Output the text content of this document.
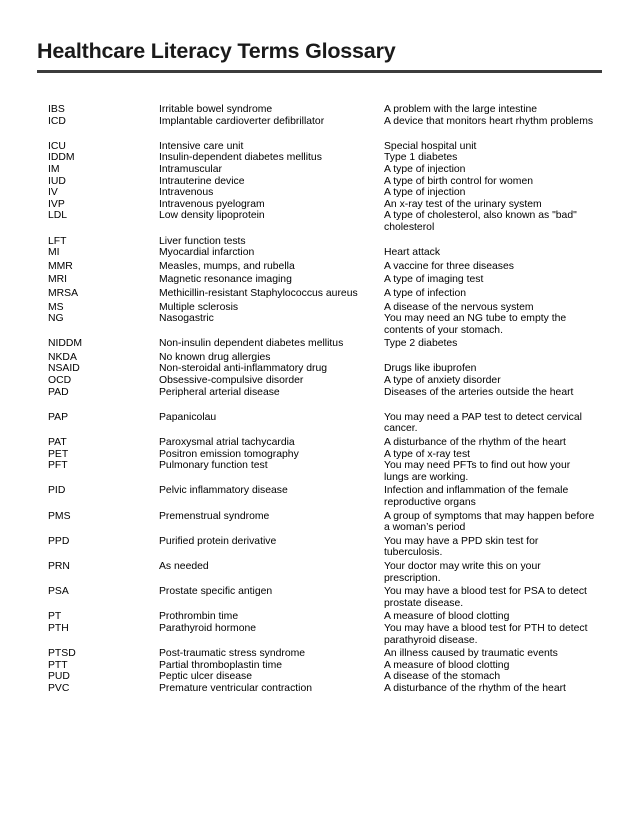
Healthcare Literacy Terms Glossary
IBS	Irritable bowel syndrome	A problem with the large intestine
ICD	Implantable cardioverter defibrillator	A device that monitors heart rhythm problems
ICU	Intensive care unit	Special hospital unit
IDDM	Insulin-dependent diabetes mellitus	Type 1 diabetes
IM	Intramuscular	A type of injection
IUD	Intrauterine device	A type of birth control for women
IV	Intravenous	A type of injection
IVP	Intravenous pyelogram	An x-ray test of the urinary system
LDL	Low density lipoprotein	A type of cholesterol, also known as "bad" cholesterol
LFT	Liver function tests
MI	Myocardial infarction	Heart attack
MMR	Measles, mumps, and rubella	A vaccine for three diseases
MRI	Magnetic resonance imaging	A type of imaging test
MRSA	Methicillin-resistant Staphylococcus aureus	A type of infection
MS	Multiple sclerosis	A disease of the nervous system
NG	Nasogastric	You may need an NG tube to empty the contents of your stomach.
NIDDM	Non-insulin dependent diabetes mellitus	Type 2 diabetes
NKDA	No known drug allergies
NSAID	Non-steroidal anti-inflammatory drug	Drugs like ibuprofen
OCD	Obsessive-compulsive disorder	A type of anxiety disorder
PAD	Peripheral arterial disease	Diseases of the arteries outside the heart
PAP	Papanicolau	You may need a PAP test to detect cervical cancer.
PAT	Paroxysmal atrial tachycardia	A disturbance of the rhythm of the heart
PET	Positron emission tomography	A type of x-ray test
PFT	Pulmonary function test	You may need PFTs to find out how your lungs are working.
PID	Pelvic inflammatory disease	Infection and inflammation of the female reproductive organs
PMS	Premenstrual syndrome	A group of symptoms that may happen before a woman’s period
PPD	Purified protein derivative	You may have a PPD skin test for tuberculosis.
PRN	As needed	Your doctor may write this on your prescription.
PSA	Prostate specific antigen	You may have a blood test for PSA to detect prostate disease.
PT	Prothrombin time	A measure of blood clotting
PTH	Parathyroid hormone	You may have a blood test for PTH to detect parathyroid disease.
PTSD	Post-traumatic stress syndrome	An illness caused by traumatic events
PTT	Partial thromboplastin time	A measure of blood clotting
PUD	Peptic ulcer disease	A disease of the stomach
PVC	Premature ventricular contraction	A disturbance of the rhythm of the heart
